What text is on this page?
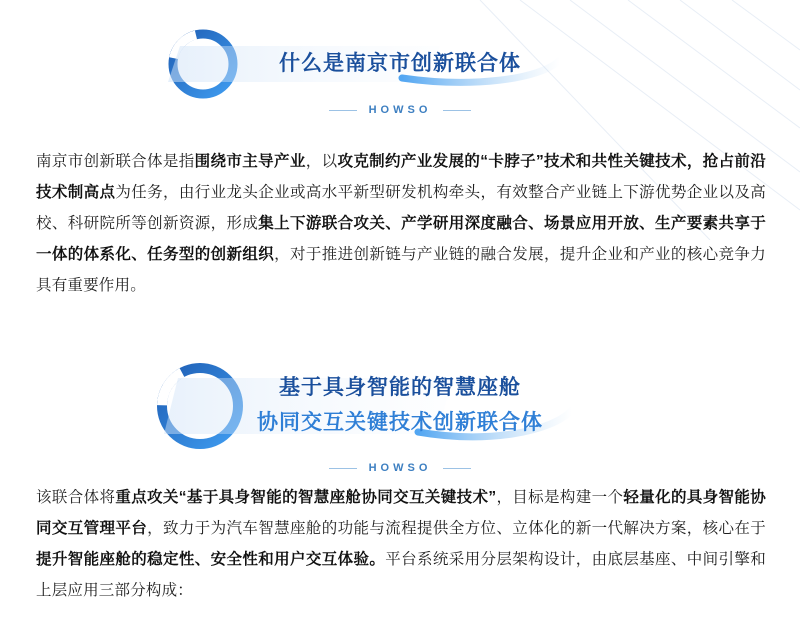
什么是南京市创新联合体
HOWSO
南京市创新联合体是指围绕市主导产业，以攻克制约产业发展的“卡脖子”技术和共性关键技术，抢占前沿技术制高点为任务，由行业龙头企业或高水平新型研发机构牵头，有效整合产业链上下游优势企业以及高校、科研院所等创新资源，形成集上下游联合攻关、产学研用深度融合、场景应用开放、生产要素共享于一体的体系化、任务型的创新组织，对于推进创新链与产业链的融合发展，提升企业和产业的核心竞争力具有重要作用。
基于具身智能的智慧座舱
协同交互关键技术创新联合体
HOWSO
该联合体将重点攻关“基于具身智能的智慧座舱协同交互关键技术”，目标是构建一个轻量化的具身智能协同交互管理平台，致力于为汽车智慧座舱的功能与流程提供全方位、立体化的新一代解决方案，核心在于提升智能座舱的稳定性、安全性和用户交互体验。平台系统采用分层架构设计，由底层基座、中间引擎和上层应用三部分构成：
